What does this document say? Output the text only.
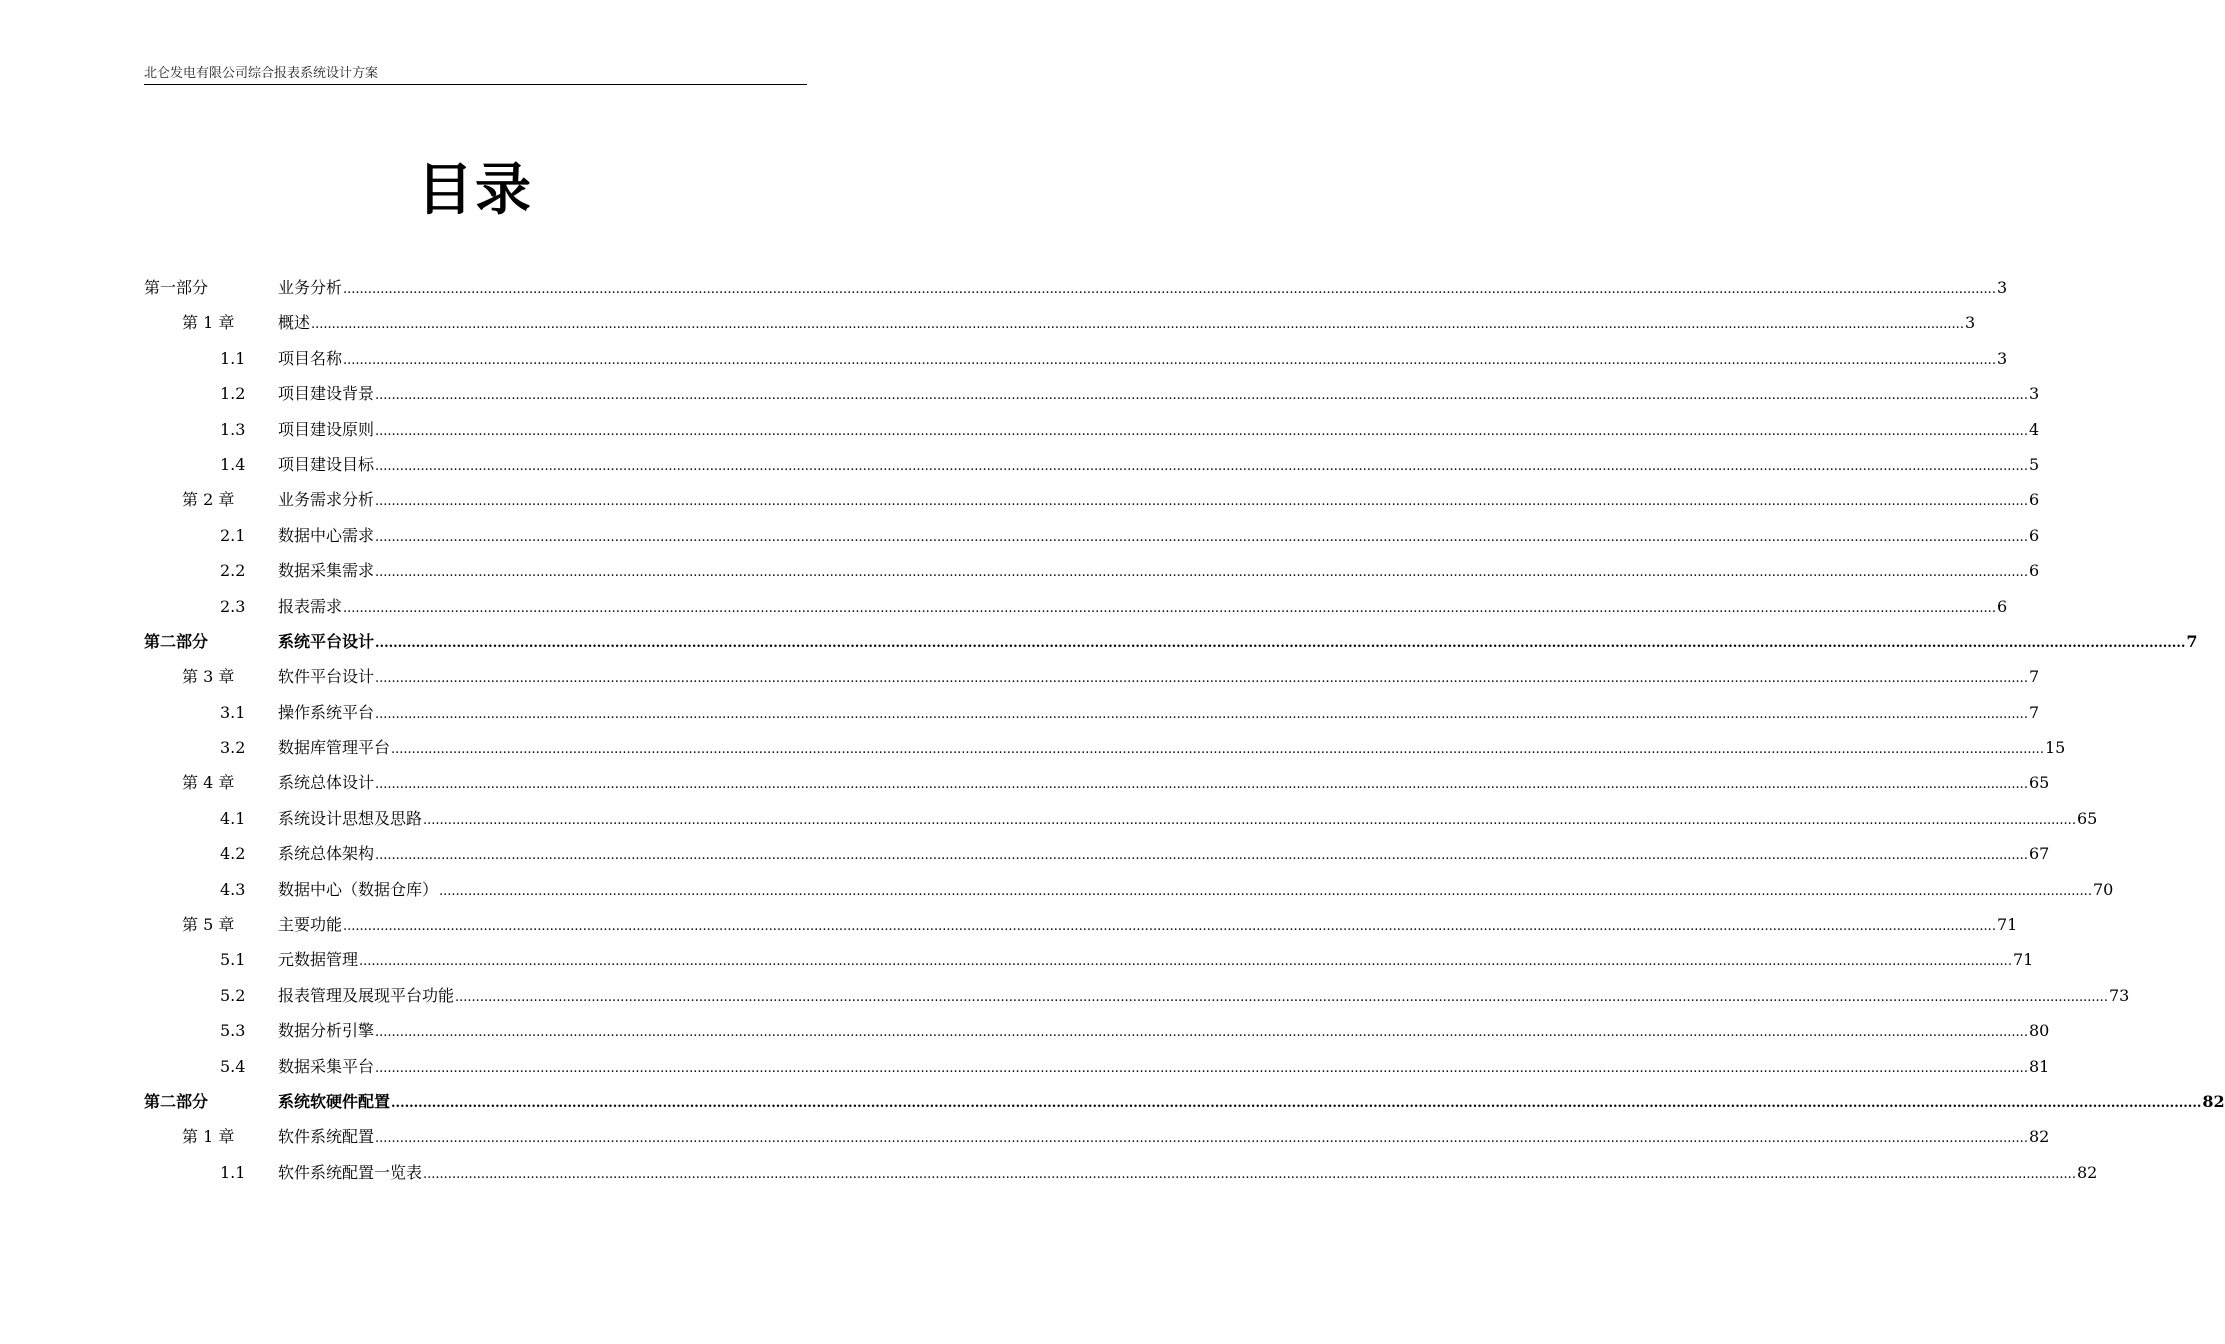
北仑发电有限公司综合报表系统设计方案
目录
第一部分	业务分析 ................................................................................................................................................................................................................................................................................................................................................................................................................ 3
第 1 章	概述 ................................................................................................................................................................................................................................................................................................................................................................................................................ 3
1.1	项目名称 ................................................................................................................................................................................................................................................................................................................................................................................................................ 3
1.2	项目建设背景 ................................................................................................................................................................................................................................................................................................................................................................................................................ 3
1.3	项目建设原则 ................................................................................................................................................................................................................................................................................................................................................................................................................ 4
1.4	项目建设目标 ................................................................................................................................................................................................................................................................................................................................................................................................................ 5
第 2 章	业务需求分析 ................................................................................................................................................................................................................................................................................................................................................................................................................ 6
2.1	数据中心需求 ................................................................................................................................................................................................................................................................................................................................................................................................................ 6
2.2	数据采集需求 ................................................................................................................................................................................................................................................................................................................................................................................................................ 6
2.3	报表需求 ................................................................................................................................................................................................................................................................................................................................................................................................................ 6
第二部分	系统平台设计 ................................................................................................................................................................................................................................................................................................................................................................................................................ 7
第 3 章	软件平台设计 ................................................................................................................................................................................................................................................................................................................................................................................................................ 7
3.1	操作系统平台 ................................................................................................................................................................................................................................................................................................................................................................................................................ 7
3.2	数据库管理平台 ................................................................................................................................................................................................................................................................................................................................................................................................................ 15
第 4 章	系统总体设计 ................................................................................................................................................................................................................................................................................................................................................................................................................ 65
4.1	系统设计思想及思路 ................................................................................................................................................................................................................................................................................................................................................................................................................ 65
4.2	系统总体架构 ................................................................................................................................................................................................................................................................................................................................................................................................................ 67
4.3	数据中心（数据仓库） ................................................................................................................................................................................................................................................................................................................................................................................................................ 70
第 5 章	主要功能 ................................................................................................................................................................................................................................................................................................................................................................................................................ 71
5.1	元数据管理 ................................................................................................................................................................................................................................................................................................................................................................................................................ 71
5.2	报表管理及展现平台功能 ................................................................................................................................................................................................................................................................................................................................................................................................................ 73
5.3	数据分析引擎 ................................................................................................................................................................................................................................................................................................................................................................................................................ 80
5.4	数据采集平台 ................................................................................................................................................................................................................................................................................................................................................................................................................ 81
第二部分	系统软硬件配置 ................................................................................................................................................................................................................................................................................................................................................................................................................ 82
第 1 章	软件系统配置 ................................................................................................................................................................................................................................................................................................................................................................................................................ 82
1.1	软件系统配置一览表 ................................................................................................................................................................................................................................................................................................................................................................................................................ 82
